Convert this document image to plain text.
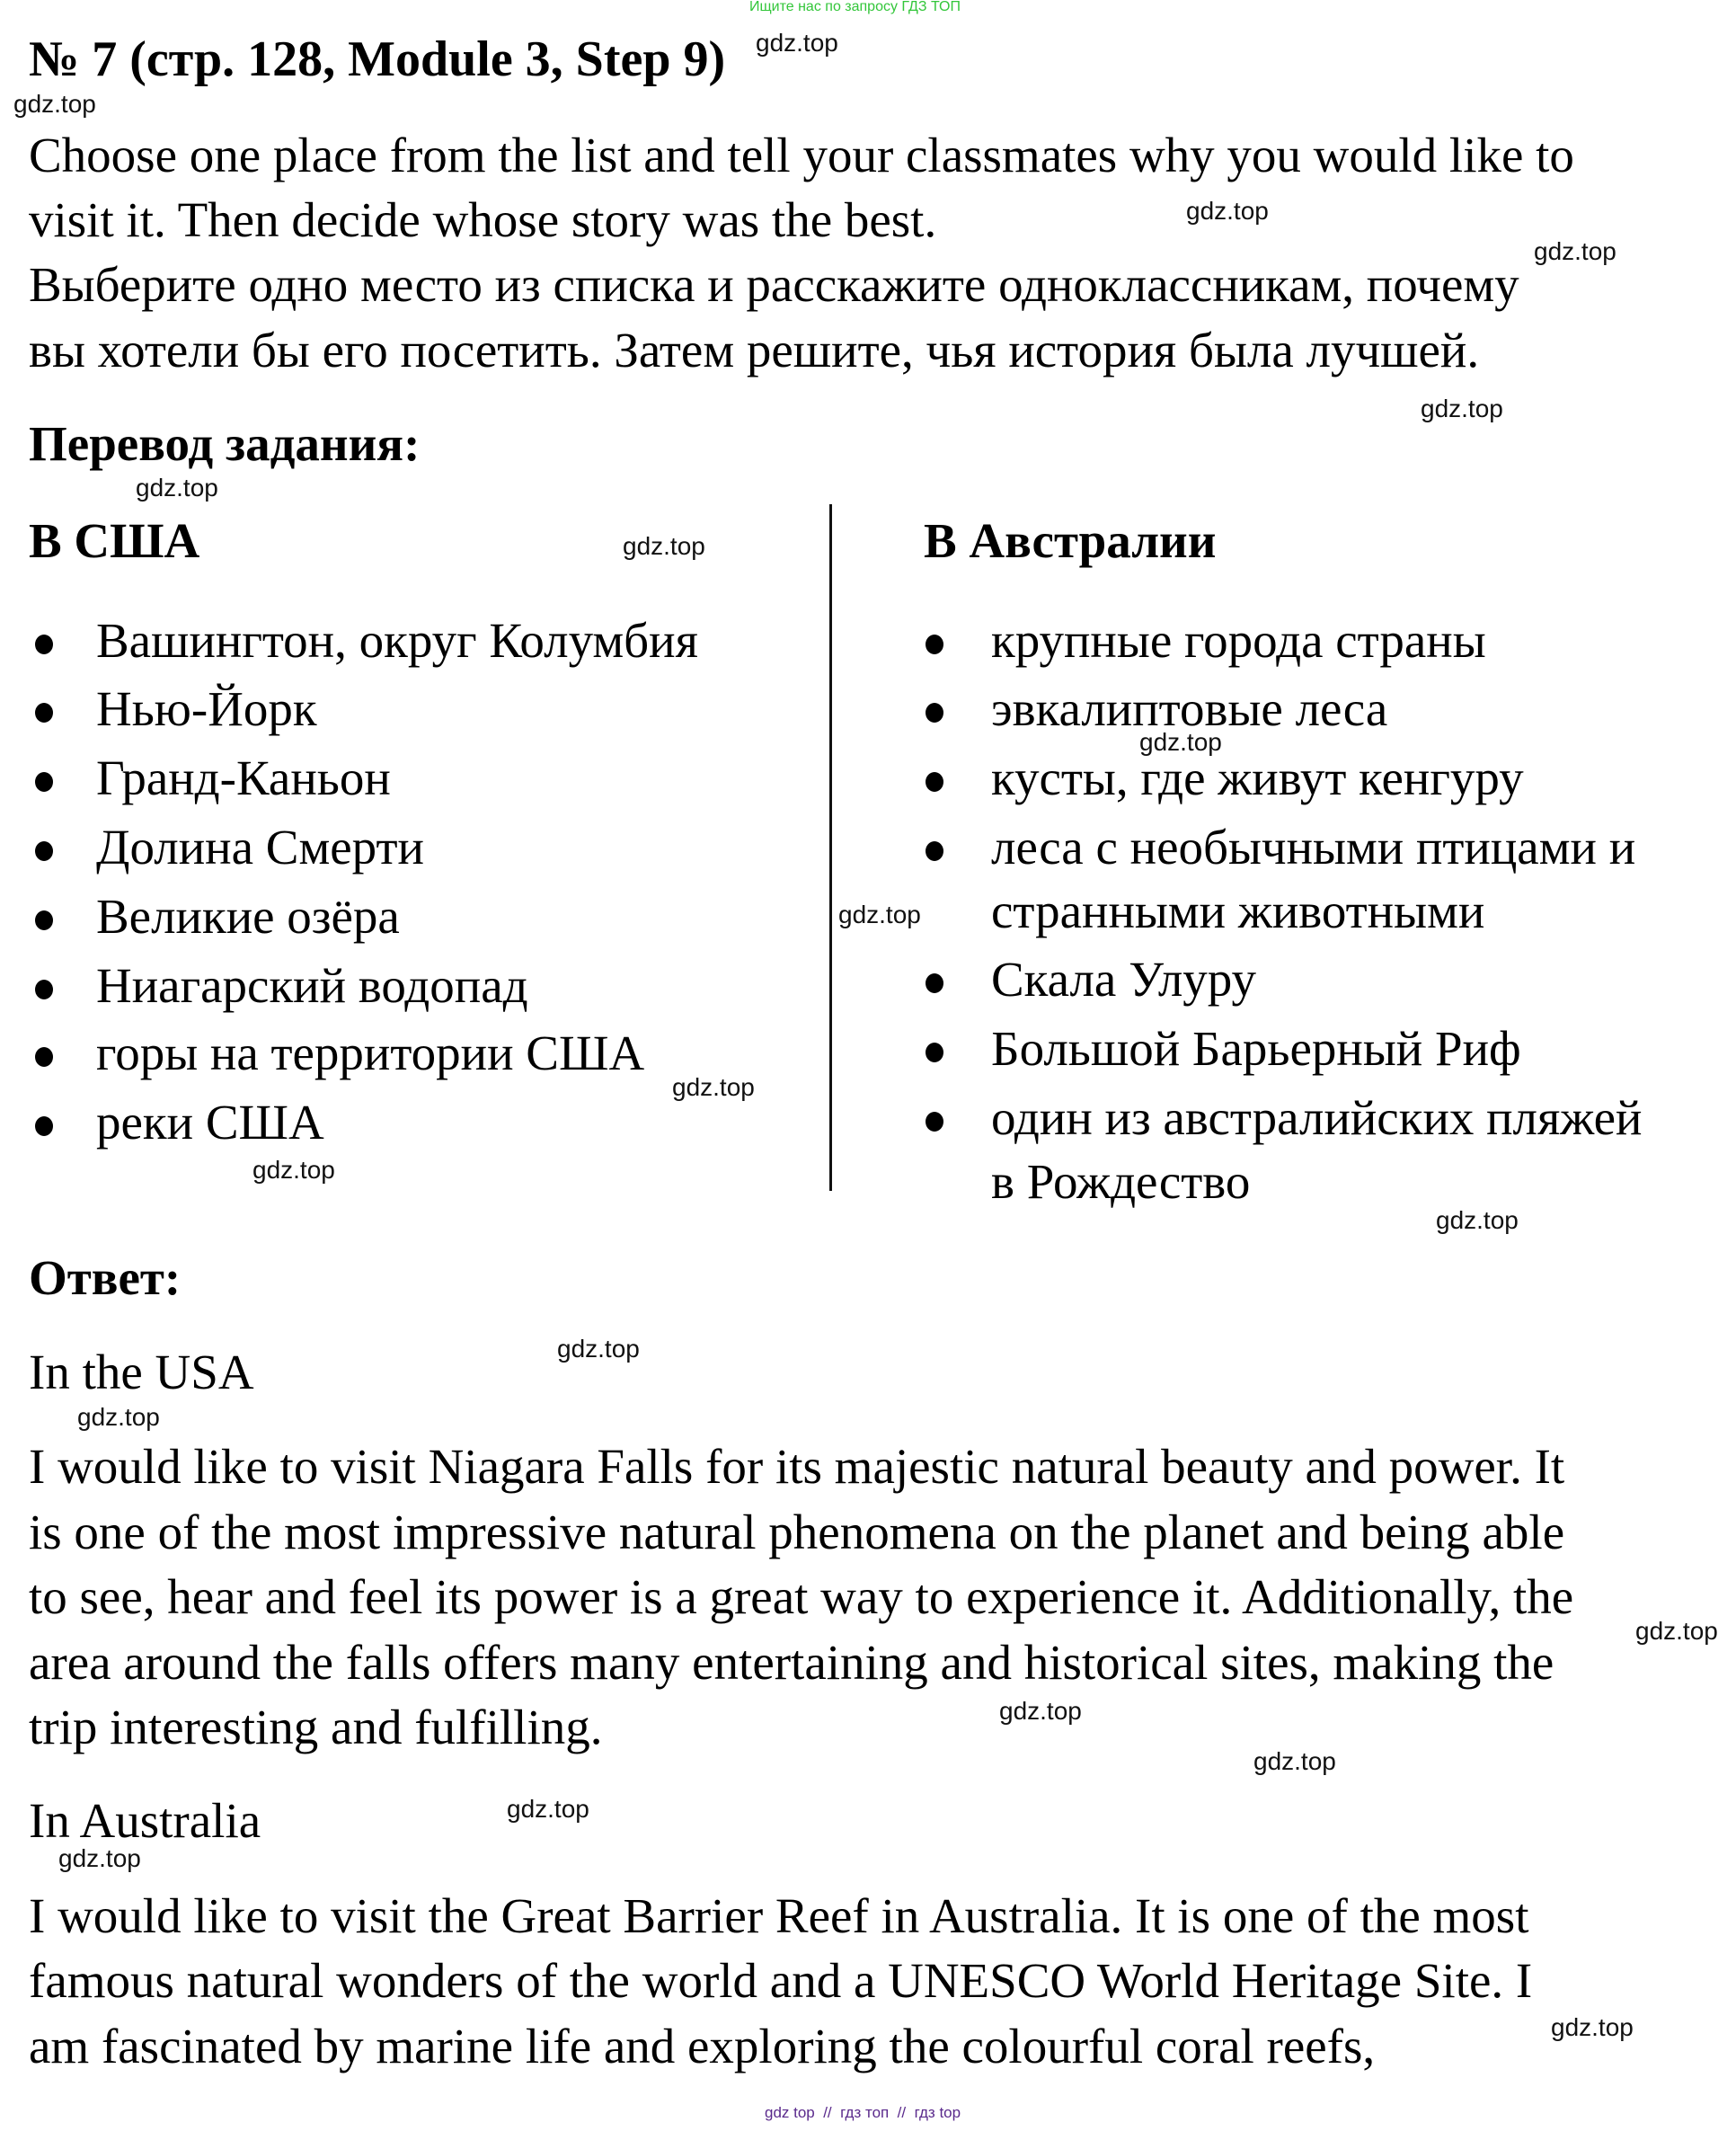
Ищите нас по запросу ГДЗ ТОП
№ 7 (стр. 128, Module 3, Step 9)
Choose one place from the list and tell your classmates why you would like to
visit it. Then decide whose story was the best.
Выберите одно место из списка и расскажите одноклассникам, почему
вы хотели бы его посетить. Затем решите, чья история была лучшей.
Перевод задания:
В США
Вашингтон, округ Колумбия
Нью-Йорк
Гранд-Каньон
Долина Смерти
Великие озёра
Ниагарский водопад
горы на территории США
реки США
В Австралии
крупные города страны
эвкалиптовые леса
кусты, где живут кенгуру
леса с необычными птицами и
странными животными
Скала Улуру
Большой Барьерный Риф
один из австралийских пляжей
в Рождество
Ответ:
In the USA
I would like to visit Niagara Falls for its majestic natural beauty and power. It
is one of the most impressive natural phenomena on the planet and being able
to see, hear and feel its power is a great way to experience it. Additionally, the
area around the falls offers many entertaining and historical sites, making the
trip interesting and fulfilling.
In Australia
I would like to visit the Great Barrier Reef in Australia. It is one of the most
famous natural wonders of the world and a UNESCO World Heritage Site. I
am fascinated by marine life and exploring the colourful coral reefs,
gdz.top
gdz.top
gdz.top
gdz.top
gdz.top
gdz.top
gdz.top
gdz.top
gdz.top
gdz.top
gdz.top
gdz.top
gdz.top
gdz.top
gdz.top
gdz.top
gdz.top
gdz.top
gdz.top
gdz.top
gdz top  //  гдз топ  //  гдз top
